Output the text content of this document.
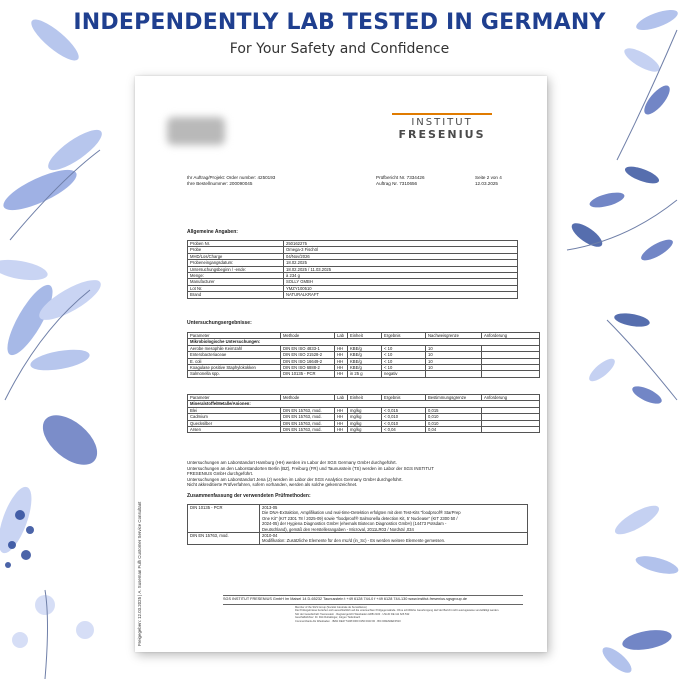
INDEPENDENTLY LAB TESTED IN GERMANY
For Your Safety and Confidence
INSTITUT
FRESENIUS
Ihr Auftrag/Projekt: Order number: 4250193
Ihre Bestellnummer: 200090045
Prüfbericht Nr. 7334426
Auftrag Nr. 7310656
Seite 2 von 4
12.03.2025
Allgemeine Angaben:
Proben Nr.	250162275
Probe	Omega-3 Fischöl
MHD/Los/Charge	04/Nov/2026
Probeneingangsdatum:	18.02.2025
Untersuchungsbeginn / -ende:	18.02.2025 / 11.03.2025
Menge:	à 234 g
Manufacturer	SOLLY GMBH
Lot Nr.	YMZY100510
Brand	NATURALKRAFT
Untersuchungsergebnisse:
Parameter	Methode	Lab	Einheit	Ergebnis	Nachweisgrenze	Anforderung
Mikrobiologische Untersuchungen:						
Aerobe mesophile Keimzahl	DIN EN ISO 4833-1	HH	KBE/g	< 10	10	
Enterobacteriaceae	DIN EN ISO 21528-2	HH	KBE/g	< 10	10	
E. coli	DIN EN ISO 16649-2	HH	KBE/g	< 10	10	
Koagulase positive Staphylokokken	DIN EN ISO 6888-2	HH	KBE/g	< 10	10	
Salmonella spp.	DIN 10135 - PCR	HH	in 25 g	negativ		
Parameter	Methode	Lab	Einheit	Ergebnis	Bestimmungsgrenze	Anforderung
Mineralstoffe/Metalle/Anionen:						
Blei	DIN EN 15763, mod.	HH	mg/kg	< 0,015	0,015	
Cadmium	DIN EN 15763, mod.	HH	mg/kg	< 0,010	0,010	
Quecksilber	DIN EN 15763, mod.	HH	mg/kg	< 0,010	0,010	
Arsen	DIN EN 15763, mod.	HH	mg/kg	< 0,04	0,04	
Untersuchungen am Laborstandort Hamburg (HH) werden im Labor der SGS Germany GmbH durchgeführt.
Untersuchungen an den Laborstandorten Berlin (BZ), Freiburg (FR) und Taunusstein (TS) werden im Labor der SGS INSTITUT
FRESENIUS GmbH durchgeführt.
Untersuchungen am Laborstandort Jena (J) werden im Labor der SGS Analytics Germany GmbH durchgeführt.
Nicht akkreditierte Prüfverfahren, sofern vorhanden, werden als solche gekennzeichnet.
Zusammenfassung der verwendeten Prüfmethoden:
DIN 10135 - PCR	2013-05
Die DNA-Extraktion, Amplifikation und real-time-Detektion erfolgten mit dem Test-Kits "foodproof® StarPrep
One Kit" (KIT 2301 78 / 2025-09) sowie "foodproof® Salmonella detection Kit, 5’ Nuclease" (KIT 2300 50 /
2024-05) der Hygiena Diagnostics GmbH (ehemals Biotecon Diagnostics GmbH) (14473 Potsdam -
Deutschland), gemäß den Herstellerangaben - Microval, 2011LR03 / NordVal ,034

DIN EN 15763, mod.	2010-04
Modifikation: Zusätzliche Elemente für den mU/d (in_Sc) - Es werden weitere Elemente gemessen.
Freigegeben: 12.03.2025 | A. Suseman Fulh Customer Service Consultant	SGS INSTITUT FRESENIUS GmbH Im Maisel 14 D-65232 Taunusstein t +49 6128 744-0 f +49 6128 744-130 www.institut-fresenius.sgsgroup.de
Member of the SGS Group (Société Générale de Surveillance)
Die Prüfergebnisse beziehen sich ausschließlich auf die untersuchten Prüfgegenstände. Ohne schriftliche Genehmigung darf der Bericht nicht auszugsweise vervielfältigt werden.
Sitz der Gesellschaft: Taunusstein · Registergericht Wiesbaden HRB 2100 · USt-ID DE 111 626 532
Geschäftsführer: Dr. Dirk Ruhaltinger, Jürgen Tiefenbach
Commerzbank AG Wiesbaden · IBAN DE27 5108 0060 0150 0043 00 · BIC DRESDEFF510
